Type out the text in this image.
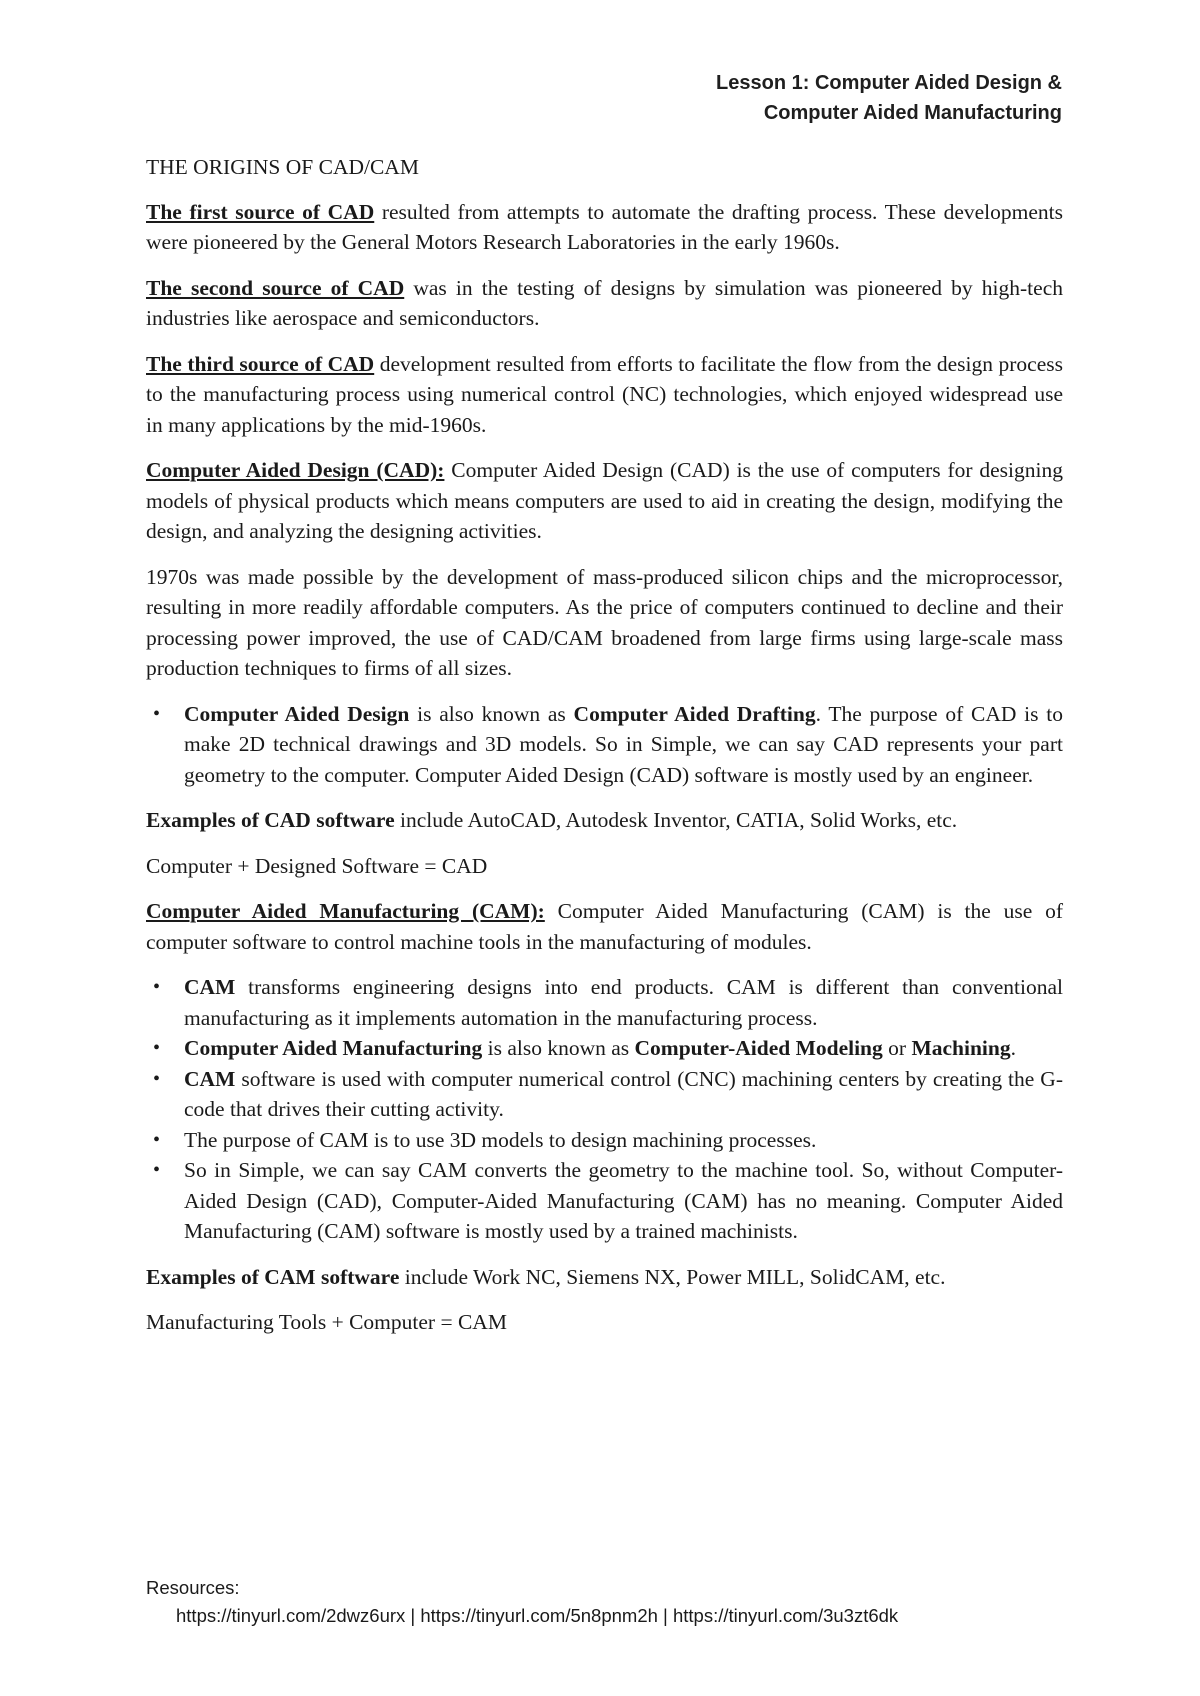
Lesson 1: Computer Aided Design &
Computer Aided Manufacturing

THE ORIGINS OF CAD/CAM

The first source of CAD resulted from attempts to automate the drafting process. These developments were pioneered by the General Motors Research Laboratories in the early 1960s.

The second source of CAD was in the testing of designs by simulation was pioneered by high-tech industries like aerospace and semiconductors.

The third source of CAD development resulted from efforts to facilitate the flow from the design process to the manufacturing process using numerical control (NC) technologies, which enjoyed widespread use in many applications by the mid-1960s.

Computer Aided Design (CAD): Computer Aided Design (CAD) is the use of computers for designing models of physical products which means computers are used to aid in creating the design, modifying the design, and analyzing the designing activities.

1970s was made possible by the development of mass-produced silicon chips and the microprocessor, resulting in more readily affordable computers. As the price of computers continued to decline and their processing power improved, the use of CAD/CAM broadened from large firms using large-scale mass production techniques to firms of all sizes.

• Computer Aided Design is also known as Computer Aided Drafting. The purpose of CAD is to make 2D technical drawings and 3D models. So in Simple, we can say CAD represents your part geometry to the computer. Computer Aided Design (CAD) software is mostly used by an engineer.

Examples of CAD software include AutoCAD, Autodesk Inventor, CATIA, Solid Works, etc.

Computer + Designed Software = CAD

Computer Aided Manufacturing (CAM): Computer Aided Manufacturing (CAM) is the use of computer software to control machine tools in the manufacturing of modules.

• CAM transforms engineering designs into end products. CAM is different than conventional manufacturing as it implements automation in the manufacturing process.
• Computer Aided Manufacturing is also known as Computer-Aided Modeling or Machining.
• CAM software is used with computer numerical control (CNC) machining centers by creating the G-code that drives their cutting activity.
• The purpose of CAM is to use 3D models to design machining processes.
• So in Simple, we can say CAM converts the geometry to the machine tool. So, without Computer-Aided Design (CAD), Computer-Aided Manufacturing (CAM) has no meaning. Computer Aided Manufacturing (CAM) software is mostly used by a trained machinists.

Examples of CAM software include Work NC, Siemens NX, Power MILL, SolidCAM, etc.

Manufacturing Tools + Computer = CAM

Resources:
https://tinyurl.com/2dwz6urx | https://tinyurl.com/5n8pnm2h | https://tinyurl.com/3u3zt6dk
